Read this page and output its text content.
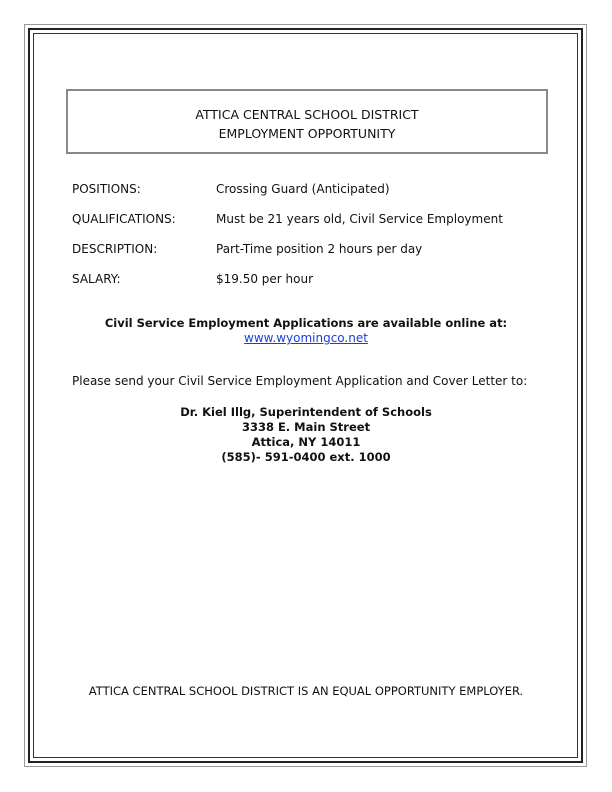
ATTICA CENTRAL SCHOOL DISTRICT
EMPLOYMENT OPPORTUNITY
POSITIONS:	Crossing Guard (Anticipated)
QUALIFICATIONS:	Must be 21 years old, Civil Service Employment
DESCRIPTION:	Part-Time position 2 hours per day
SALARY:	$19.50 per hour
Civil Service Employment Applications are available online at:
www.wyomingco.net
Please send your Civil Service Employment Application and Cover Letter to:
Dr. Kiel Illg, Superintendent of Schools
3338 E. Main Street
Attica, NY 14011
(585)- 591-0400 ext. 1000
ATTICA CENTRAL SCHOOL DISTRICT IS AN EQUAL OPPORTUNITY EMPLOYER.
